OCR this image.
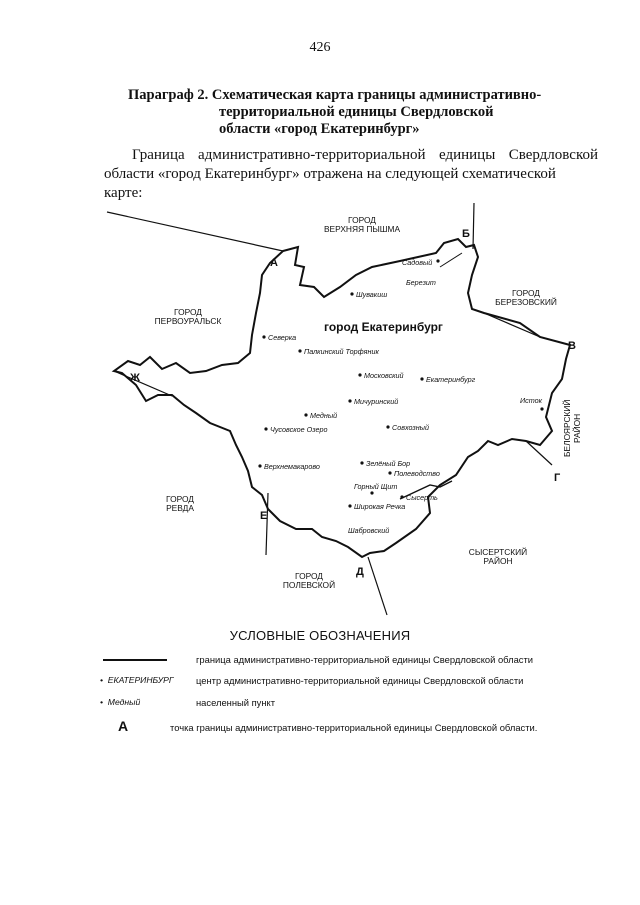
426
Параграф 2. Схематическая карта границы административно-
территориальной единицы Свердловской
области «город Екатеринбург»
Граница административно-территориальной единицы Свердловской
области «город Екатеринбург» отражена на следующей схематической карте:
А
Б
В
Г
Д
Е
Ж
ГОРОД
ВЕРХНЯЯ ПЫШМА
ГОРОД
БЕРЕЗОВСКИЙ
ГОРОД
ПЕРВОУРАЛЬСК
ГОРОД
РЕВДА
ГОРОД
ПОЛЕВСКОЙ
СЫСЕРТСКИЙ
РАЙОН
БЕЛОЯРСКИЙ РАЙОН
город Екатеринбург
Садовый
Березит
Шувакиш
Северка
Палкинский Торфяник
Московский	Екатеринбург
Мичуринский	Исток
Медный
Чусовское Озеро	Совхозный
Зелёный Бор
Полеводство
Верхнемакарово
Горный Щит
Сысерть
Широкая Речка
Шабровский
УСЛОВНЫЕ ОБОЗНАЧЕНИЯ
граница административно-территориальной единицы Свердловской области
•  ЕКАТЕРИНБУРГ	центр административно-территориальной единицы Свердловской области
•  Медный	населенный пункт
А	точка границы административно-территориальной единицы Свердловской области.
